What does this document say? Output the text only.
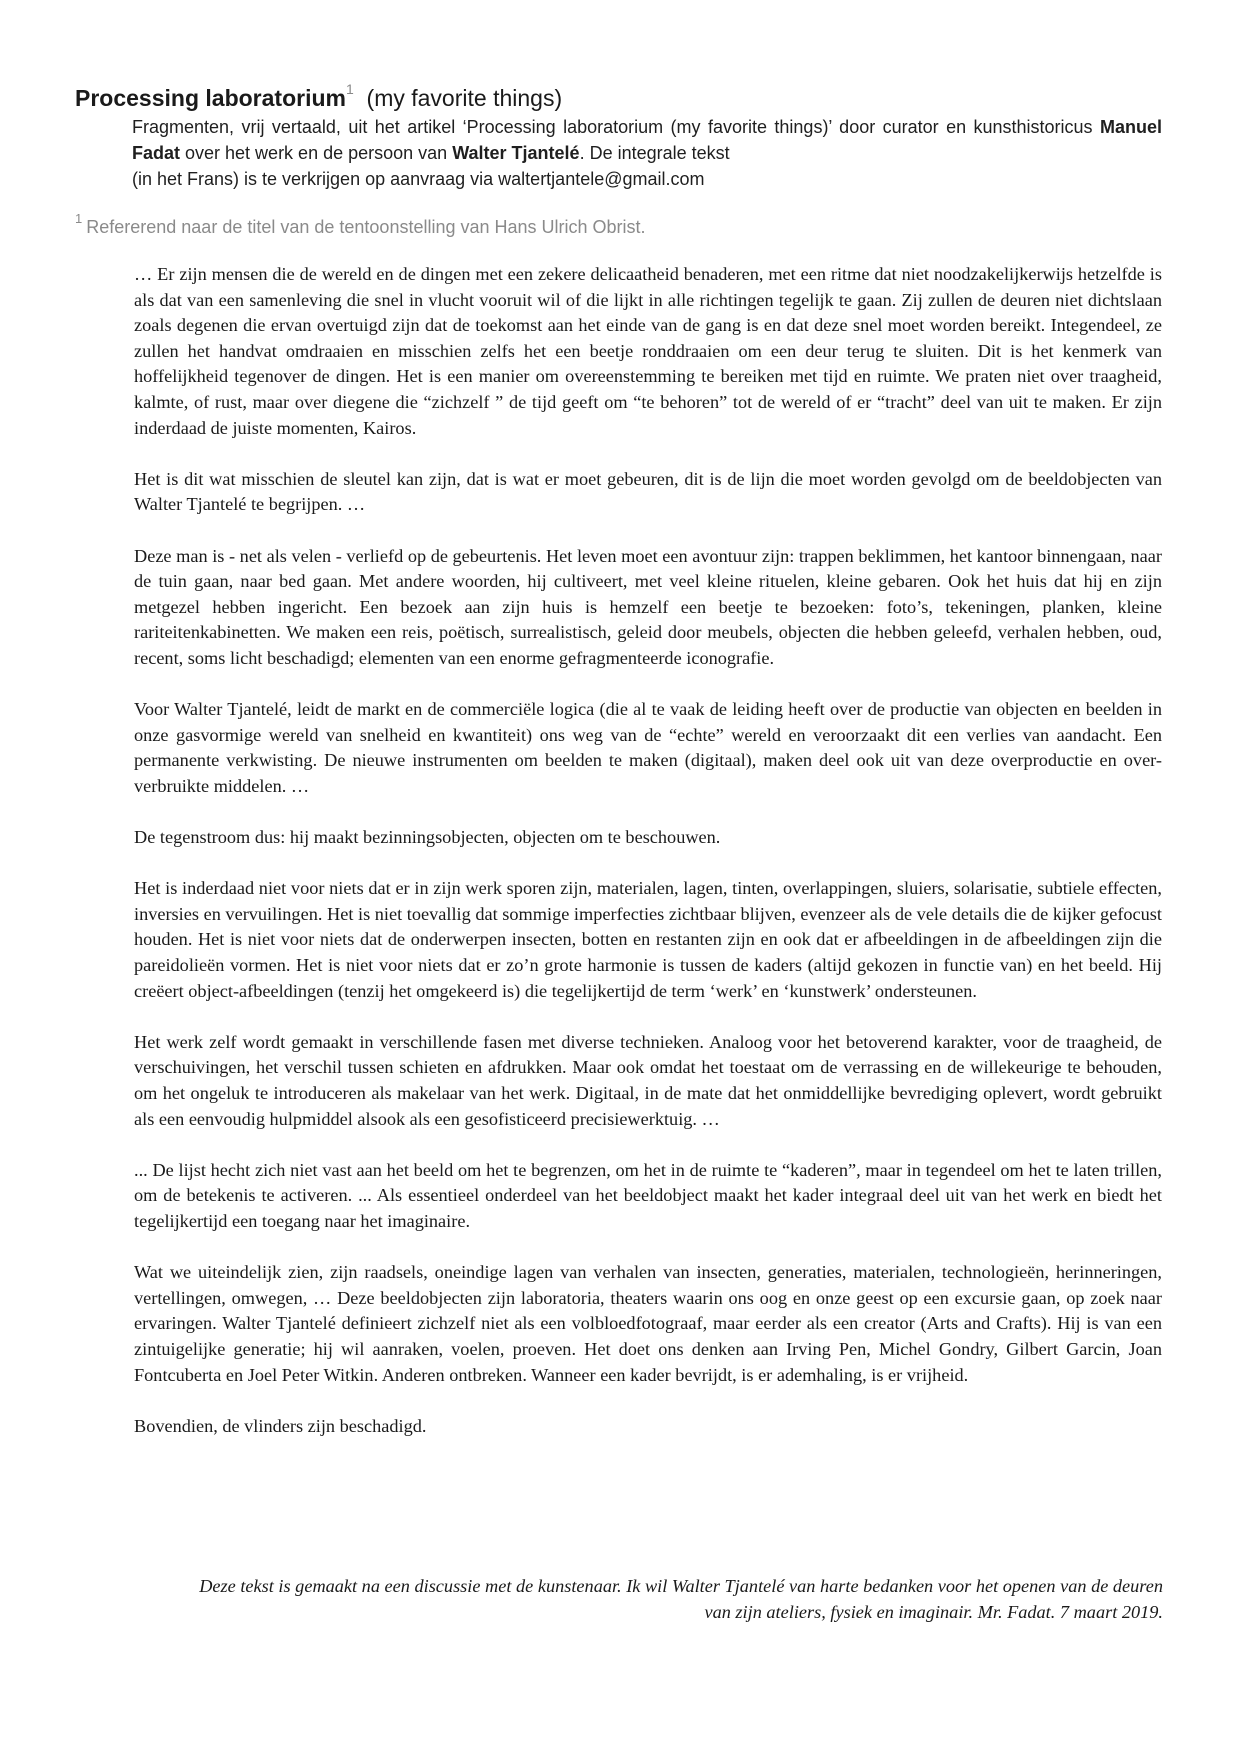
Processing laboratorium$^1$ (my favorite things)

Fragmenten, vrij vertaald, uit het artikel ‘Processing laboratorium (my favorite things)’ door curator en kunsthistoricus Manuel Fadat over het werk en de persoon van Walter Tjantelé. De integrale tekst

(in het Frans) is te verkrijgen op aanvraag via waltertjantele@gmail.com

$^1$ Refererend naar de titel van de tentoonstelling van Hans Ulrich Obrist.

… Er zijn mensen die de wereld en de dingen met een zekere delicaatheid benaderen, met een ritme dat niet noodzakelijkerwijs hetzelfde is als dat van een samenleving die snel in vlucht vooruit wil of die lijkt in alle richtingen tegelijk te gaan. Zij zullen de deuren niet dichtslaan zoals degenen die ervan overtuigd zijn dat de toekomst aan het einde van de gang is en dat deze snel moet worden bereikt. Integendeel, ze zullen het handvat omdraaien en misschien zelfs het een beetje ronddraaien om een deur terug te sluiten. Dit is het kenmerk van hoffelijkheid tegenover de dingen. Het is een manier om overeenstemming te bereiken met tijd en ruimte. We praten niet over traagheid, kalmte, of rust, maar over diegene die “zichzelf ” de tijd geeft om “te behoren” tot de wereld of er “tracht” deel van uit te maken. Er zijn inderdaad de juiste momenten, Kairos.

Het is dit wat misschien de sleutel kan zijn, dat is wat er moet gebeuren, dit is de lijn die moet worden gevolgd om de beeldobjecten van Walter Tjantelé te begrijpen. …

Deze man is - net als velen - verliefd op de gebeurtenis. Het leven moet een avontuur zijn: trappen beklimmen, het kantoor binnengaan, naar de tuin gaan, naar bed gaan. Met andere woorden, hij cultiveert, met veel kleine rituelen, kleine gebaren. Ook het huis dat hij en zijn metgezel hebben ingericht. Een bezoek aan zijn huis is hemzelf een beetje te bezoeken: foto’s, tekeningen, planken, kleine rariteitenkabinetten. We maken een reis, poëtisch, surrealistisch, geleid door meubels, objecten die hebben geleefd, verhalen hebben, oud, recent, soms licht beschadigd; elementen van een enorme gefragmenteerde iconografie.

Voor Walter Tjantelé, leidt de markt en de commerciële logica (die al te vaak de leiding heeft over de productie van objecten en beelden in onze gasvormige wereld van snelheid en kwantiteit) ons weg van de “echte” wereld en veroorzaakt dit een verlies van aandacht. Een permanente verkwisting. De nieuwe instrumenten om beelden te maken (digitaal), maken deel ook uit van deze overproductie en over-verbruikte middelen. …

De tegenstroom dus: hij maakt bezinningsobjecten, objecten om te beschouwen.

Het is inderdaad niet voor niets dat er in zijn werk sporen zijn, materialen, lagen, tinten, overlappingen, sluiers, solarisatie, subtiele effecten, inversies en vervuilingen. Het is niet toevallig dat sommige imperfecties zichtbaar blijven, evenzeer als de vele details die de kijker gefocust houden. Het is niet voor niets dat de onderwerpen insecten, botten en restanten zijn en ook dat er afbeeldingen in de afbeeldingen zijn die pareidolieën vormen. Het is niet voor niets dat er zo’n grote harmonie is tussen de kaders (altijd gekozen in functie van) en het beeld. Hij creëert object-afbeeldingen (tenzij het omgekeerd is) die tegelijkertijd de term ‘werk’ en ‘kunstwerk’ ondersteunen.

Het werk zelf wordt gemaakt in verschillende fasen met diverse technieken. Analoog voor het betoverend karakter, voor de traagheid, de verschuivingen, het verschil tussen schieten en afdrukken. Maar ook omdat het toestaat om de verrassing en de willekeurige te behouden, om het ongeluk te introduceren als makelaar van het werk. Digitaal, in de mate dat het onmiddellijke bevrediging oplevert, wordt gebruikt als een eenvoudig hulpmiddel alsook als een gesofisticeerd precisiewerktuig. …

... De lijst hecht zich niet vast aan het beeld om het te begrenzen, om het in de ruimte te “kaderen”, maar in tegendeel om het te laten trillen, om de betekenis te activeren. ... Als essentieel onderdeel van het beeldobject maakt het kader integraal deel uit van het werk en biedt het tegelijkertijd een toegang naar het imaginaire.

Wat we uiteindelijk zien, zijn raadsels, oneindige lagen van verhalen van insecten, generaties, materialen, technologieën, herinneringen, vertellingen, omwegen, … Deze beeldobjecten zijn laboratoria, theaters waarin ons oog en onze geest op een excursie gaan, op zoek naar ervaringen. Walter Tjantelé definieert zichzelf niet als een volbloedfotograaf, maar eerder als een creator (Arts and Crafts). Hij is van een zintuigelijke generatie; hij wil aanraken, voelen, proeven. Het doet ons denken aan Irving Pen, Michel Gondry, Gilbert Garcin, Joan Fontcuberta en Joel Peter Witkin. Anderen ontbreken. Wanneer een kader bevrijdt, is er ademhaling, is er vrijheid.

Bovendien, de vlinders zijn beschadigd.

Deze tekst is gemaakt na een discussie met de kunstenaar. Ik wil Walter Tjantelé van harte bedanken voor het openen van de deuren

van zijn ateliers, fysiek en imaginair. Mr. Fadat. 7 maart 2019.
